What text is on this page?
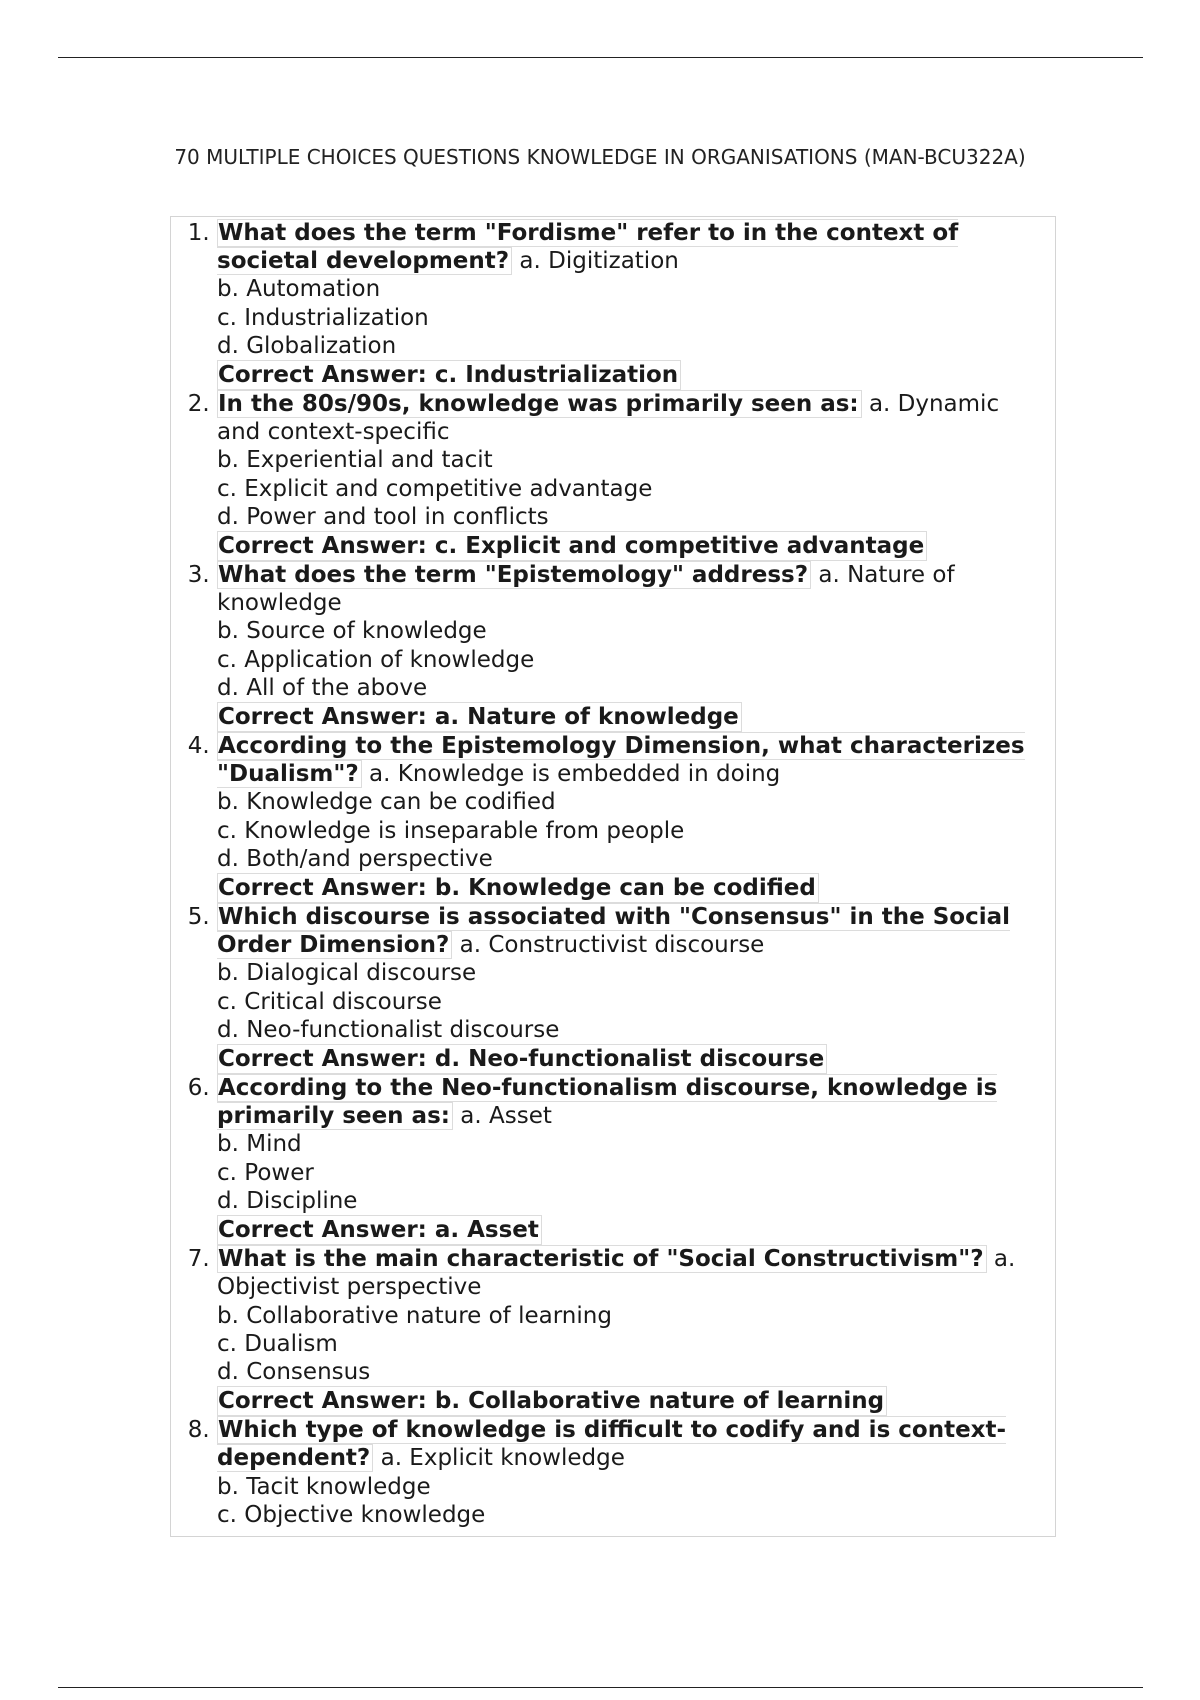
70 MULTIPLE CHOICES QUESTIONS KNOWLEDGE IN ORGANISATIONS (MAN-BCU322A)
1. What does the term "Fordisme" refer to in the context of societal development? a. Digitization
b. Automation
c. Industrialization
d. Globalization
Correct Answer: c. Industrialization
2. In the 80s/90s, knowledge was primarily seen as: a. Dynamic and context-specific
b. Experiential and tacit
c. Explicit and competitive advantage
d. Power and tool in conflicts
Correct Answer: c. Explicit and competitive advantage
3. What does the term "Epistemology" address? a. Nature of knowledge
b. Source of knowledge
c. Application of knowledge
d. All of the above
Correct Answer: a. Nature of knowledge
4. According to the Epistemology Dimension, what characterizes "Dualism"? a. Knowledge is embedded in doing
b. Knowledge can be codified
c. Knowledge is inseparable from people
d. Both/and perspective
Correct Answer: b. Knowledge can be codified
5. Which discourse is associated with "Consensus" in the Social Order Dimension? a. Constructivist discourse
b. Dialogical discourse
c. Critical discourse
d. Neo-functionalist discourse
Correct Answer: d. Neo-functionalist discourse
6. According to the Neo-functionalism discourse, knowledge is primarily seen as: a. Asset
b. Mind
c. Power
d. Discipline
Correct Answer: a. Asset
7. What is the main characteristic of "Social Constructivism"? a. Objectivist perspective
b. Collaborative nature of learning
c. Dualism
d. Consensus
Correct Answer: b. Collaborative nature of learning
8. Which type of knowledge is difficult to codify and is context-dependent? a. Explicit knowledge
b. Tacit knowledge
c. Objective knowledge
